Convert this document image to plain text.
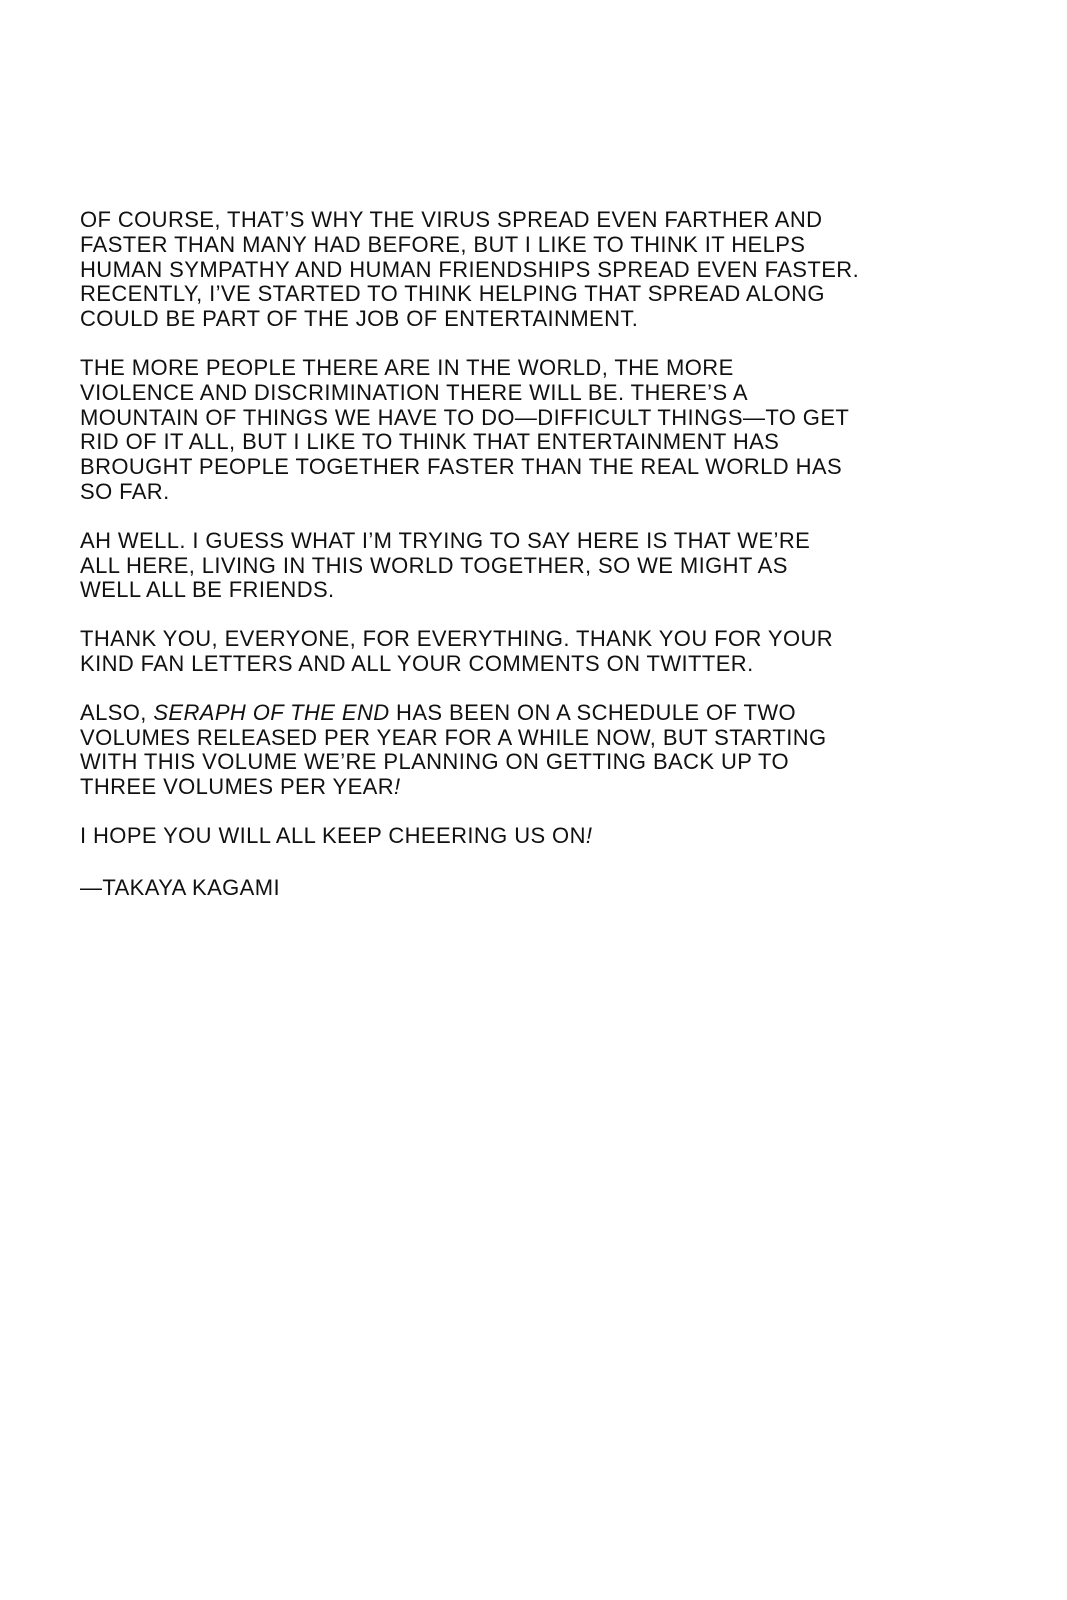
OF COURSE, THAT’S WHY THE VIRUS SPREAD EVEN FARTHER AND
FASTER THAN MANY HAD BEFORE, BUT I LIKE TO THINK IT HELPS
HUMAN SYMPATHY AND HUMAN FRIENDSHIPS SPREAD EVEN FASTER.
RECENTLY, I’VE STARTED TO THINK HELPING THAT SPREAD ALONG
COULD BE PART OF THE JOB OF ENTERTAINMENT.

THE MORE PEOPLE THERE ARE IN THE WORLD, THE MORE
VIOLENCE AND DISCRIMINATION THERE WILL BE. THERE’S A
MOUNTAIN OF THINGS WE HAVE TO DO—DIFFICULT THINGS—TO GET
RID OF IT ALL, BUT I LIKE TO THINK THAT ENTERTAINMENT HAS
BROUGHT PEOPLE TOGETHER FASTER THAN THE REAL WORLD HAS
SO FAR.

AH WELL. I GUESS WHAT I’M TRYING TO SAY HERE IS THAT WE’RE
ALL HERE, LIVING IN THIS WORLD TOGETHER, SO WE MIGHT AS
WELL ALL BE FRIENDS.

THANK YOU, EVERYONE, FOR EVERYTHING. THANK YOU FOR YOUR
KIND FAN LETTERS AND ALL YOUR COMMENTS ON TWITTER.

ALSO, SERAPH OF THE END HAS BEEN ON A SCHEDULE OF TWO
VOLUMES RELEASED PER YEAR FOR A WHILE NOW, BUT STARTING
WITH THIS VOLUME WE’RE PLANNING ON GETTING BACK UP TO
THREE VOLUMES PER YEAR!

I HOPE YOU WILL ALL KEEP CHEERING US ON!

—TAKAYA KAGAMI
